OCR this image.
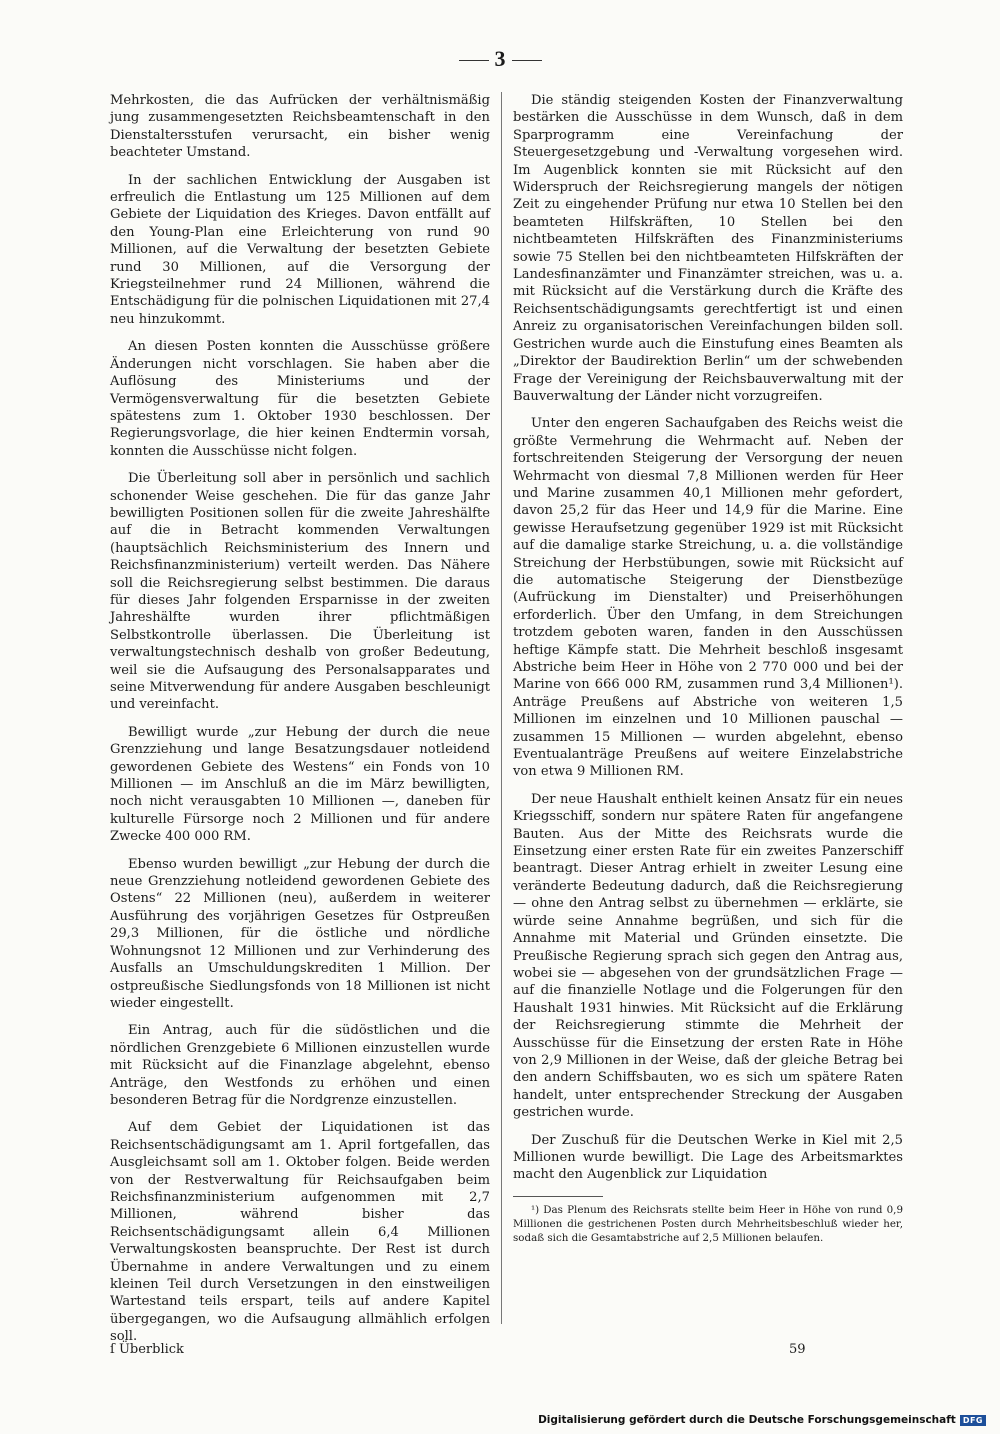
3

Mehrkosten, die das Aufrücken der verhältnismäßig jung zusammengesetzten Reichsbeamtenschaft in den Dienstaltersstufen verursacht, ein bisher wenig beachteter Umstand.

In der sachlichen Entwicklung der Ausgaben ist erfreulich die Entlastung um 125 Millionen auf dem Gebiete der Liquidation des Krieges. Davon entfällt auf den Young-Plan eine Erleichterung von rund 90 Millionen, auf die Verwaltung der besetzten Gebiete rund 30 Millionen, auf die Versorgung der Kriegsteilnehmer rund 24 Millionen, während die Entschädigung für die polnischen Liquidationen mit 27,4 neu hinzukommt.

An diesen Posten konnten die Ausschüsse größere Änderungen nicht vorschlagen. Sie haben aber die Auflösung des Ministeriums und der Vermögensverwaltung für die besetzten Gebiete spätestens zum 1. Oktober 1930 beschlossen. Der Regierungsvorlage, die hier keinen Endtermin vorsah, konnten die Ausschüsse nicht folgen.

Die Überleitung soll aber in persönlich und sachlich schonender Weise geschehen. Die für das ganze Jahr bewilligten Positionen sollen für die zweite Jahreshälfte auf die in Betracht kommenden Verwaltungen (hauptsächlich Reichsministerium des Innern und Reichsfinanzministerium) verteilt werden. Das Nähere soll die Reichsregierung selbst bestimmen. Die daraus für dieses Jahr folgenden Ersparnisse in der zweiten Jahreshälfte wurden ihrer pflichtmäßigen Selbstkontrolle überlassen. Die Überleitung ist verwaltungstechnisch deshalb von großer Bedeutung, weil sie die Aufsaugung des Personalsapparates und seine Mitverwendung für andere Ausgaben beschleunigt und vereinfacht.

Bewilligt wurde „zur Hebung der durch die neue Grenzziehung und lange Besatzungsdauer notleidend gewordenen Gebiete des Westens“ ein Fonds von 10 Millionen — im Anschluß an die im März bewilligten, noch nicht verausgabten 10 Millionen —, daneben für kulturelle Fürsorge noch 2 Millionen und für andere Zwecke 400 000 RM.

Ebenso wurden bewilligt „zur Hebung der durch die neue Grenzziehung notleidend gewordenen Gebiete des Ostens“ 22 Millionen (neu), außerdem in weiterer Ausführung des vorjährigen Gesetzes für Ostpreußen 29,3 Millionen, für die östliche und nördliche Wohnungsnot 12 Millionen und zur Verhinderung des Ausfalls an Umschuldungskrediten 1 Million. Der ostpreußische Siedlungsfonds von 18 Millionen ist nicht wieder eingestellt.

Ein Antrag, auch für die südöstlichen und die nördlichen Grenzgebiete 6 Millionen einzustellen wurde mit Rücksicht auf die Finanzlage abgelehnt, ebenso Anträge, den Westfonds zu erhöhen und einen besonderen Betrag für die Nordgrenze einzustellen.

Auf dem Gebiet der Liquidationen ist das Reichsentschädigungsamt am 1. April fortgefallen, das Ausgleichsamt soll am 1. Oktober folgen. Beide werden von der Restverwaltung für Reichsaufgaben beim Reichsfinanzministerium aufgenommen mit 2,7 Millionen, während bisher das Reichsentschädigungsamt allein 6,4 Millionen Verwaltungskosten beanspruchte. Der Rest ist durch Übernahme in andere Verwaltungen und zu einem kleinen Teil durch Versetzungen in den einstweiligen Wartestand teils erspart, teils auf andere Kapitel übergegangen, wo die Aufsaugung allmählich erfolgen soll.

Die ständig steigenden Kosten der Finanzverwaltung bestärken die Ausschüsse in dem Wunsch, daß in dem Sparprogramm eine Vereinfachung der Steuergesetzgebung und -Verwaltung vorgesehen wird. Im Augenblick konnten sie mit Rücksicht auf den Widerspruch der Reichsregierung mangels der nötigen Zeit zu eingehender Prüfung nur etwa 10 Stellen bei den beamteten Hilfskräften, 10 Stellen bei den nichtbeamteten Hilfskräften des Finanzministeriums sowie 75 Stellen bei den nichtbeamteten Hilfskräften der Landesfinanzämter und Finanzämter streichen, was u. a. mit Rücksicht auf die Verstärkung durch die Kräfte des Reichsentschädigungsamts gerechtfertigt ist und einen Anreiz zu organisatorischen Vereinfachungen bilden soll. Gestrichen wurde auch die Einstufung eines Beamten als „Direktor der Baudirektion Berlin“ um der schwebenden Frage der Vereinigung der Reichsbauverwaltung mit der Bauverwaltung der Länder nicht vorzugreifen.

Unter den engeren Sachaufgaben des Reichs weist die größte Vermehrung die Wehrmacht auf. Neben der fortschreitenden Steigerung der Versorgung der neuen Wehrmacht von diesmal 7,8 Millionen werden für Heer und Marine zusammen 40,1 Millionen mehr gefordert, davon 25,2 für das Heer und 14,9 für die Marine. Eine gewisse Heraufsetzung gegenüber 1929 ist mit Rücksicht auf die damalige starke Streichung, u. a. die vollständige Streichung der Herbstübungen, sowie mit Rücksicht auf die automatische Steigerung der Dienstbezüge (Aufrückung im Dienstalter) und Preiserhöhungen erforderlich. Über den Umfang, in dem Streichungen trotzdem geboten waren, fanden in den Ausschüssen heftige Kämpfe statt. Die Mehrheit beschloß insgesamt Abstriche beim Heer in Höhe von 2 770 000 und bei der Marine von 666 000 RM, zusammen rund 3,4 Millionen¹). Anträge Preußens auf Abstriche von weiteren 1,5 Millionen im einzelnen und 10 Millionen pauschal — zusammen 15 Millionen — wurden abgelehnt, ebenso Eventualanträge Preußens auf weitere Einzelabstriche von etwa 9 Millionen RM.

Der neue Haushalt enthielt keinen Ansatz für ein neues Kriegsschiff, sondern nur spätere Raten für angefangene Bauten. Aus der Mitte des Reichsrats wurde die Einsetzung einer ersten Rate für ein zweites Panzerschiff beantragt. Dieser Antrag erhielt in zweiter Lesung eine veränderte Bedeutung dadurch, daß die Reichsregierung — ohne den Antrag selbst zu übernehmen — erklärte, sie würde seine Annahme begrüßen, und sich für die Annahme mit Material und Gründen einsetzte. Die Preußische Regierung sprach sich gegen den Antrag aus, wobei sie — abgesehen von der grundsätzlichen Frage — auf die finanzielle Notlage und die Folgerungen für den Haushalt 1931 hinwies. Mit Rücksicht auf die Erklärung der Reichsregierung stimmte die Mehrheit der Ausschüsse für die Einsetzung der ersten Rate in Höhe von 2,9 Millionen in der Weise, daß der gleiche Betrag bei den andern Schiffsbauten, wo es sich um spätere Raten handelt, unter entsprechender Streckung der Ausgaben gestrichen wurde.

Der Zuschuß für die Deutschen Werke in Kiel mit 2,5 Millionen wurde bewilligt. Die Lage des Arbeitsmarktes macht den Augenblick zur Liquidation

¹) Das Plenum des Reichsrats stellte beim Heer in Höhe von rund 0,9 Millionen die gestrichenen Posten durch Mehrheitsbeschluß wieder her, sodaß sich die Gesamtabstriche auf 2,5 Millionen belaufen.

ſ Überblick	59
Digitalisierung gefördert durch die Deutsche Forschungsgemeinschaft DFG
